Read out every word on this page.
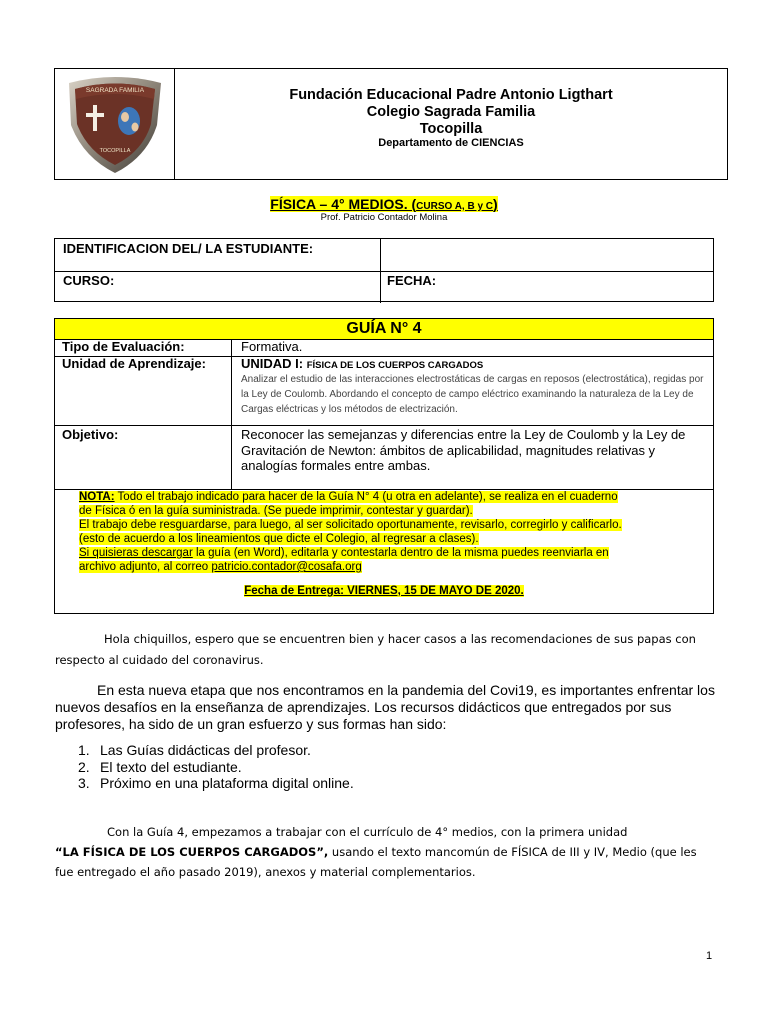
SAGRADA FAMILIA
TOCOPILLA
Fundación Educacional Padre Antonio Ligthart
Colegio Sagrada Familia
Tocopilla
Departamento de CIENCIAS
FÍSICA – 4° MEDIOS. (CURSO A, B y C)
Prof. Patricio Contador Molina
IDENTIFICACION DEL/ LA ESTUDIANTE:
CURSO:	FECHA:
GUÍA N° 4
Tipo de Evaluación:	Formativa.
Unidad de Aprendizaje:	UNIDAD I: FÍSICA DE LOS CUERPOS CARGADOS
Analizar el estudio de las interacciones electrostáticas de cargas en reposos (electrostática), regidas por la Ley de Coulomb. Abordando el concepto de campo eléctrico examinando la naturaleza de la Ley de Cargas eléctricas y los métodos de electrización.
Objetivo:	Reconocer las semejanzas y diferencias entre la Ley de Coulomb y la Ley de Gravitación de Newton: ámbitos de aplicabilidad, magnitudes relativas y analogías formales entre ambas.
NOTA: Todo el trabajo indicado para hacer de la Guía N° 4 (u otra en adelante), se realiza en el cuaderno
de Física ó en la guía suministrada. (Se puede imprimir, contestar y guardar).
El trabajo debe resguardarse, para luego, al ser solicitado oportunamente, revisarlo, corregirlo y calificarlo.
(esto de acuerdo a los lineamientos que dicte el Colegio, al regresar a clases).
Si quisieras descargar la guía (en Word), editarla y contestarla dentro de la misma puedes reenviarla en
archivo adjunto, al correo patricio.contador@cosafa.org
Fecha de Entrega: VIERNES, 15 DE MAYO DE 2020.
Hola chiquillos, espero que se encuentren bien y hacer casos a las recomendaciones de sus papas con respecto al cuidado del coronavirus.
En esta nueva etapa que nos encontramos en la pandemia del Covi19, es importantes enfrentar los nuevos desafíos en la enseñanza de aprendizajes. Los recursos didácticos que entregados por sus profesores, ha sido de un gran esfuerzo y sus formas han sido:
1. Las Guías didácticas del profesor.
2. El texto del estudiante.
3. Próximo en una plataforma digital online.
Con la Guía 4, empezamos a trabajar con el currículo de 4° medios, con la primera unidad
“LA FÍSICA DE LOS CUERPOS CARGADOS”, usando el texto mancomún de FÍSICA de III y IV, Medio (que les fue entregado el año pasado 2019), anexos y material complementarios.
1
